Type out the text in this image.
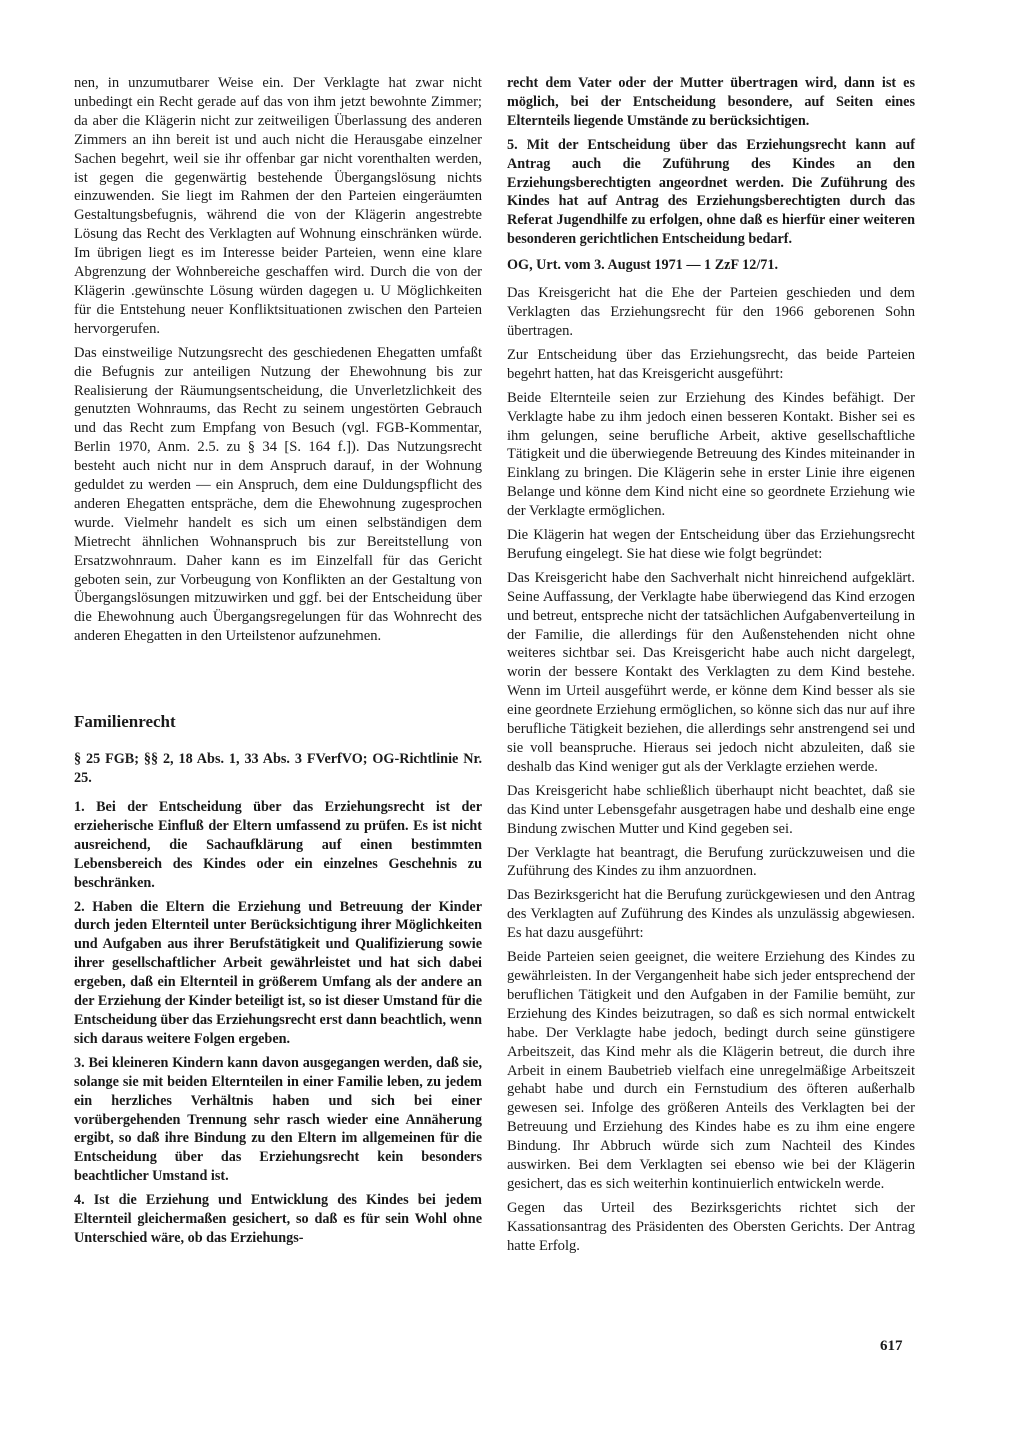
nen, in unzumutbarer Weise ein. Der Verklagte hat zwar nicht unbedingt ein Recht gerade auf das von ihm jetzt bewohnte Zimmer; da aber die Klägerin nicht zur zeitweiligen Überlassung des anderen Zimmers an ihn bereit ist und auch nicht die Herausgabe einzelner Sachen begehrt, weil sie ihr offenbar gar nicht vorenthalten werden, ist gegen die gegenwärtig bestehende Übergangslösung nichts einzuwenden. Sie liegt im Rahmen der den Parteien eingeräumten Gestaltungsbefugnis, während die von der Klägerin angestrebte Lösung das Recht des Verklagten auf Wohnung einschränken würde. Im übrigen liegt es im Interesse beider Parteien, wenn eine klare Abgrenzung der Wohnbereiche geschaffen wird. Durch die von der Klägerin .gewünschte Lösung würden dagegen u. U Möglichkeiten für die Entstehung neuer Konfliktsituationen zwischen den Parteien hervorgerufen.

Das einstweilige Nutzungsrecht des geschiedenen Ehegatten umfaßt die Befugnis zur anteiligen Nutzung der Ehewohnung bis zur Realisierung der Räumungsentscheidung, die Unverletzlichkeit des genutzten Wohnraums, das Recht zu seinem ungestörten Gebrauch und das Recht zum Empfang von Besuch (vgl. FGB-Kommentar, Berlin 1970, Anm. 2.5. zu § 34 [S. 164 f.]). Das Nutzungsrecht besteht auch nicht nur in dem Anspruch darauf, in der Wohnung geduldet zu werden — ein Anspruch, dem eine Duldungspflicht des anderen Ehegatten entspräche, dem die Ehewohnung zugesprochen wurde. Vielmehr handelt es sich um einen selbständigen dem Mietrecht ähnlichen Wohnanspruch bis zur Bereitstellung von Ersatzwohnraum. Daher kann es im Einzelfall für das Gericht geboten sein, zur Vorbeugung von Konflikten an der Gestaltung von Übergangslösungen mitzuwirken und ggf. bei der Entscheidung über die Ehewohnung auch Übergangsregelungen für das Wohnrecht des anderen Ehegatten in den Urteilstenor aufzunehmen.

Familienrecht
§ 25 FGB; §§ 2, 18 Abs. 1, 33 Abs. 3 FVerfVO; OG-Richtlinie Nr. 25.

1. Bei der Entscheidung über das Erziehungsrecht ist der erzieherische Einfluß der Eltern umfassend zu prüfen. Es ist nicht ausreichend, die Sachaufklärung auf einen bestimmten Lebensbereich des Kindes oder ein einzelnes Geschehnis zu beschränken.

2. Haben die Eltern die Erziehung und Betreuung der Kinder durch jeden Elternteil unter Berücksichtigung ihrer Möglichkeiten und Aufgaben aus ihrer Berufstätigkeit und Qualifizierung sowie ihrer gesellschaftlicher Arbeit gewährleistet und hat sich dabei ergeben, daß ein Elternteil in größerem Umfang als der andere an der Erziehung der Kinder beteiligt ist, so ist dieser Umstand für die Entscheidung über das Erziehungsrecht erst dann beachtlich, wenn sich daraus weitere Folgen ergeben.

3. Bei kleineren Kindern kann davon ausgegangen werden, daß sie, solange sie mit beiden Elternteilen in einer Familie leben, zu jedem ein herzliches Verhältnis haben und sich bei einer vorübergehenden Trennung sehr rasch wieder eine Annäherung ergibt, so daß ihre Bindung zu den Eltern im allgemeinen für die Entscheidung über das Erziehungsrecht kein besonders beachtlicher Umstand ist.

4. Ist die Erziehung und Entwicklung des Kindes bei jedem Elternteil gleichermaßen gesichert, so daß es für sein Wohl ohne Unterschied wäre, ob das Erziehungs-

recht dem Vater oder der Mutter übertragen wird, dann ist es möglich, bei der Entscheidung besondere, auf Seiten eines Elternteils liegende Umstände zu berücksichtigen.

5. Mit der Entscheidung über das Erziehungsrecht kann auf Antrag auch die Zuführung des Kindes an den Erziehungsberechtigten angeordnet werden. Die Zuführung des Kindes hat auf Antrag des Erziehungsberechtigten durch das Referat Jugendhilfe zu erfolgen, ohne daß es hierfür einer weiteren besonderen gerichtlichen Entscheidung bedarf.

OG, Urt. vom 3. August 1971 — 1 ZzF 12/71.

Das Kreisgericht hat die Ehe der Parteien geschieden und dem Verklagten das Erziehungsrecht für den 1966 geborenen Sohn übertragen.

Zur Entscheidung über das Erziehungsrecht, das beide Parteien begehrt hatten, hat das Kreisgericht ausgeführt:

Beide Elternteile seien zur Erziehung des Kindes befähigt. Der Verklagte habe zu ihm jedoch einen besseren Kontakt. Bisher sei es ihm gelungen, seine berufliche Arbeit, aktive gesellschaftliche Tätigkeit und die überwiegende Betreuung des Kindes miteinander in Einklang zu bringen. Die Klägerin sehe in erster Linie ihre eigenen Belange und könne dem Kind nicht eine so geordnete Erziehung wie der Verklagte ermöglichen.

Die Klägerin hat wegen der Entscheidung über das Erziehungsrecht Berufung eingelegt. Sie hat diese wie folgt begründet:

Das Kreisgericht habe den Sachverhalt nicht hinreichend aufgeklärt. Seine Auffassung, der Verklagte habe überwiegend das Kind erzogen und betreut, entspreche nicht der tatsächlichen Aufgabenverteilung in der Familie, die allerdings für den Außenstehenden nicht ohne weiteres sichtbar sei. Das Kreisgericht habe auch nicht dargelegt, worin der bessere Kontakt des Verklagten zu dem Kind bestehe. Wenn im Urteil ausgeführt werde, er könne dem Kind besser als sie eine geordnete Erziehung ermöglichen, so könne sich das nur auf ihre berufliche Tätigkeit beziehen, die allerdings sehr anstrengend sei und sie voll beanspruche. Hieraus sei jedoch nicht abzuleiten, daß sie deshalb das Kind weniger gut als der Verklagte erziehen werde.

Das Kreisgericht habe schließlich überhaupt nicht beachtet, daß sie das Kind unter Lebensgefahr ausgetragen habe und deshalb eine enge Bindung zwischen Mutter und Kind gegeben sei.

Der Verklagte hat beantragt, die Berufung zurückzuweisen und die Zuführung des Kindes zu ihm anzuordnen.

Das Bezirksgericht hat die Berufung zurückgewiesen und den Antrag des Verklagten auf Zuführung des Kindes als unzulässig abgewiesen. Es hat dazu ausgeführt:

Beide Parteien seien geeignet, die weitere Erziehung des Kindes zu gewährleisten. In der Vergangenheit habe sich jeder entsprechend der beruflichen Tätigkeit und den Aufgaben in der Familie bemüht, zur Erziehung des Kindes beizutragen, so daß es sich normal entwickelt habe. Der Verklagte habe jedoch, bedingt durch seine günstigere Arbeitszeit, das Kind mehr als die Klägerin betreut, die durch ihre Arbeit in einem Baubetrieb vielfach eine unregelmäßige Arbeitszeit gehabt habe und durch ein Fernstudium des öfteren außerhalb gewesen sei. Infolge des größeren Anteils des Verklagten bei der Betreuung und Erziehung des Kindes habe es zu ihm eine engere Bindung. Ihr Abbruch würde sich zum Nachteil des Kindes auswirken. Bei dem Verklagten sei ebenso wie bei der Klägerin gesichert, das es sich weiterhin kontinuierlich entwickeln werde.

Gegen das Urteil des Bezirksgerichts richtet sich der Kassationsantrag des Präsidenten des Obersten Gerichts. Der Antrag hatte Erfolg.

617
